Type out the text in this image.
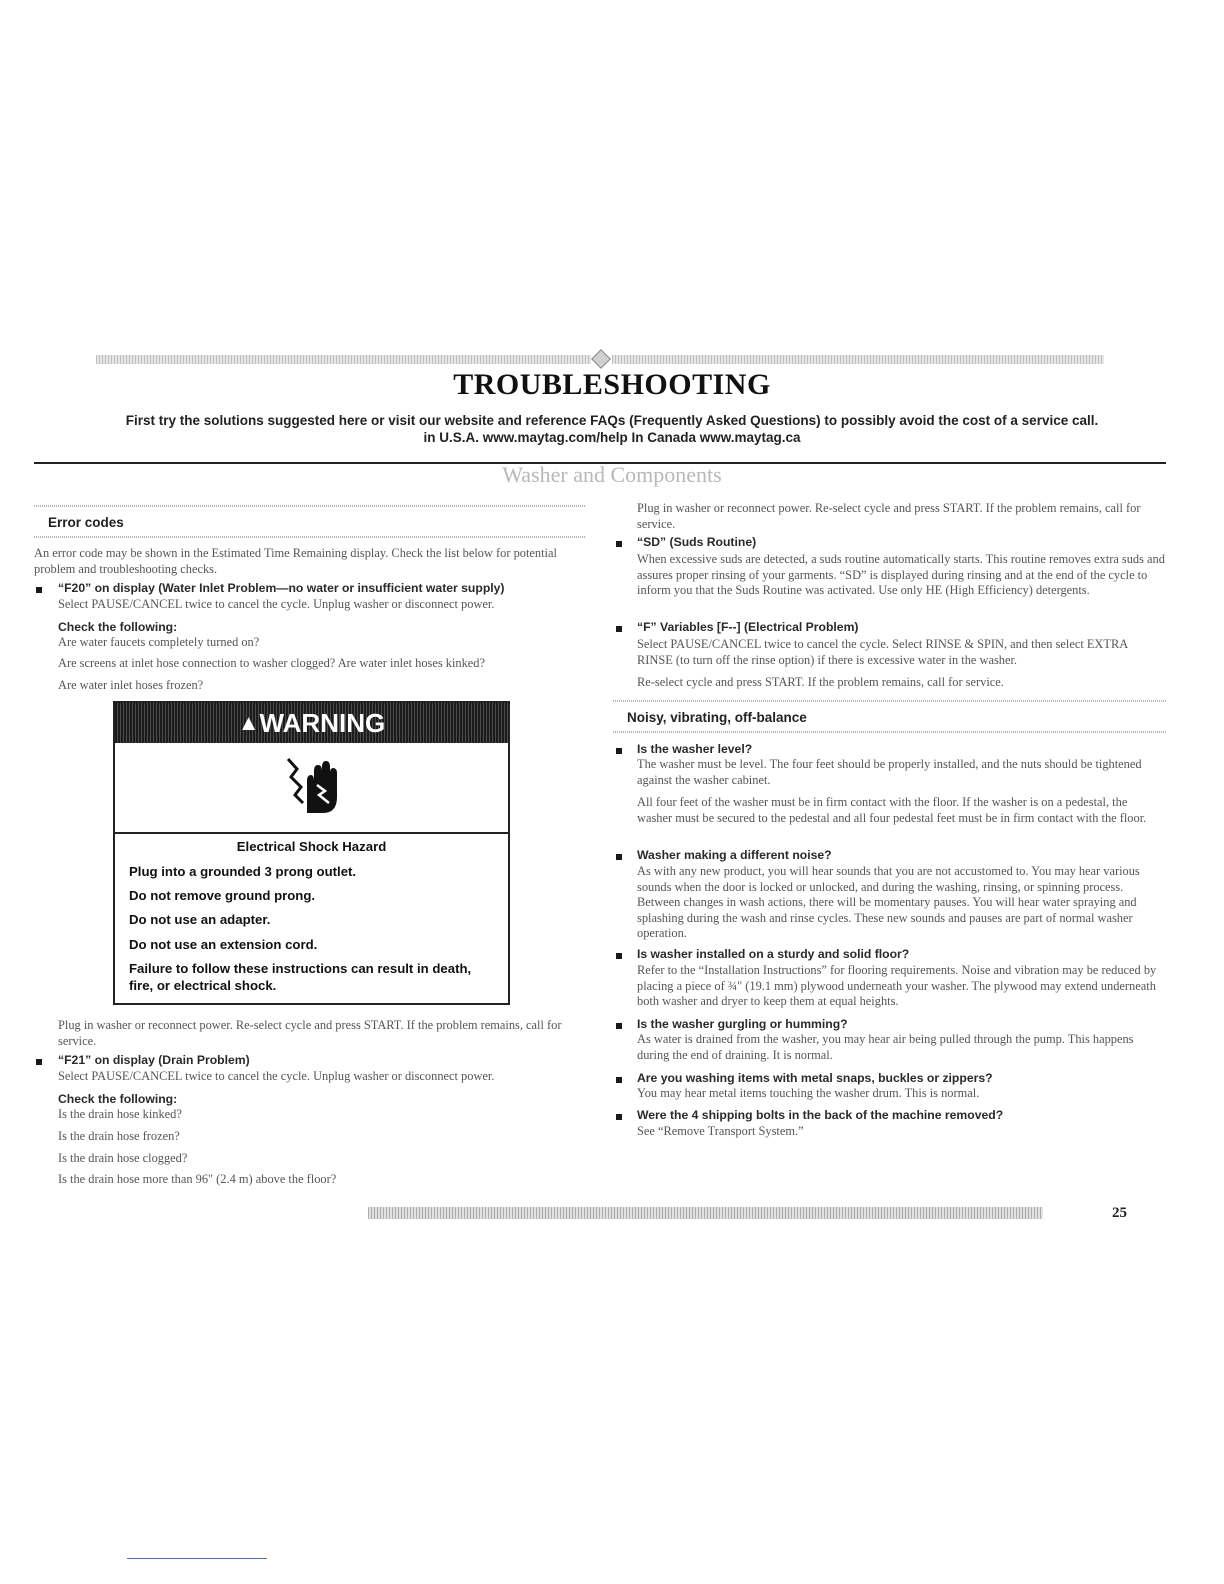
TROUBLESHOOTING

First try the solutions suggested here or visit our website and reference FAQs (Frequently Asked Questions) to possibly avoid the cost of a service call.

in U.S.A. www.maytag.com/help In Canada www.maytag.ca

Washer and Components

Error codes

An error code may be shown in the Estimated Time Remaining display. Check the list below for potential problem and troubleshooting checks.

“F20” on display (Water Inlet Problem—no water or insufficient water supply)

Select PAUSE/CANCEL twice to cancel the cycle. Unplug washer or disconnect power.

Check the following:

Are water faucets completely turned on?

Are screens at inlet hose connection to washer clogged? Are water inlet hoses kinked?

Are water inlet hoses frozen?

▲WARNING

Electrical Shock Hazard

Plug into a grounded 3 prong outlet.

Do not remove ground prong.

Do not use an adapter.

Do not use an extension cord.

Failure to follow these instructions can result in death,

fire, or electrical shock.

Plug in washer or reconnect power. Re-select cycle and press START. If the problem remains, call for service.

“F21” on display (Drain Problem)

Select PAUSE/CANCEL twice to cancel the cycle. Unplug washer or disconnect power.

Check the following:

Is the drain hose kinked?

Is the drain hose frozen?

Is the drain hose clogged?

Is the drain hose more than 96" (2.4 m) above the floor?

Plug in washer or reconnect power. Re-select cycle and press START. If the problem remains, call for service.

“SD” (Suds Routine)

When excessive suds are detected, a suds routine automatically starts. This routine removes extra suds and assures proper rinsing of your garments. “SD” is displayed during rinsing and at the end of the cycle to inform you that the Suds Routine was activated. Use only HE (High Efficiency) detergents.

“F” Variables [F--] (Electrical Problem)

Select PAUSE/CANCEL twice to cancel the cycle. Select RINSE & SPIN, and then select EXTRA RINSE (to turn off the rinse option) if there is excessive water in the washer.

Re-select cycle and press START. If the problem remains, call for service.

Noisy, vibrating, off-balance

Is the washer level?

The washer must be level. The four feet should be properly installed, and the nuts should be tightened against the washer cabinet.

All four feet of the washer must be in firm contact with the floor. If the washer is on a pedestal, the washer must be secured to the pedestal and all four pedestal feet must be in firm contact with the floor.

Washer making a different noise?

As with any new product, you will hear sounds that you are not accustomed to. You may hear various sounds when the door is locked or unlocked, and during the washing, rinsing, or spinning process. Between changes in wash actions, there will be momentary pauses. You will hear water spraying and splashing during the wash and rinse cycles. These new sounds and pauses are part of normal washer operation.

Is washer installed on a sturdy and solid floor?

Refer to the “Installation Instructions” for flooring requirements. Noise and vibration may be reduced by placing a piece of ¾" (19.1 mm) plywood underneath your washer. The plywood may extend underneath both washer and dryer to keep them at equal heights.

Is the washer gurgling or humming?

As water is drained from the washer, you may hear air being pulled through the pump. This happens during the end of draining. It is normal.

Are you washing items with metal snaps, buckles or zippers?

You may hear metal items touching the washer drum. This is normal.

Were the 4 shipping bolts in the back of the machine removed?

See “Remove Transport System.”

25
